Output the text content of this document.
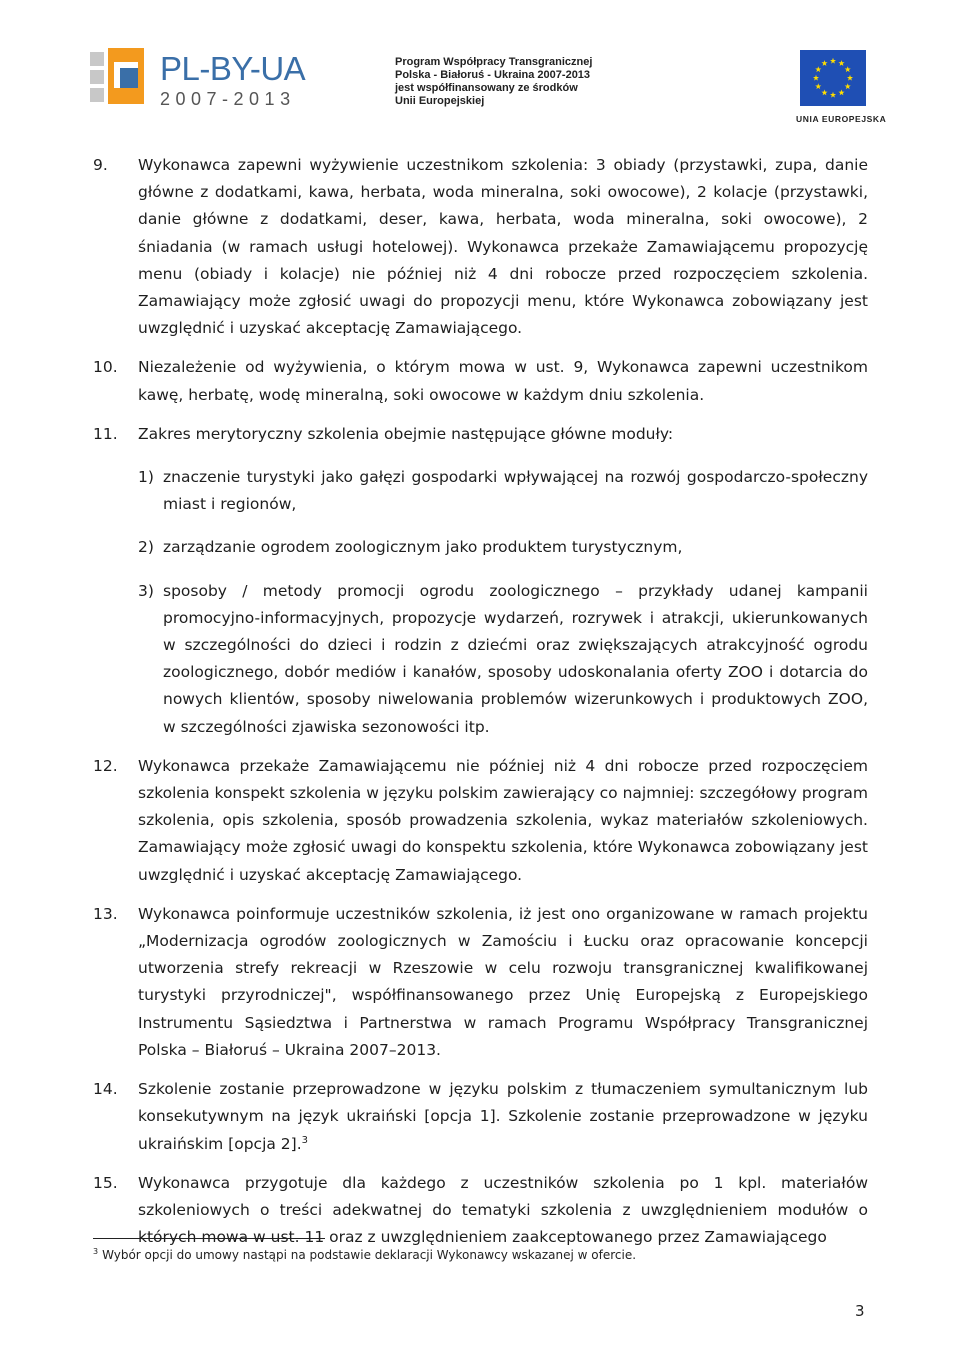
PL-BY-UA
2007-2013
Program Współpracy Transgranicznej
Polska - Białoruś - Ukraina 2007-2013
jest współfinansowany ze środków
Unii Europejskiej
UNIA EUROPEJSKA
9. Wykonawca zapewni wyżywienie uczestnikom szkolenia: 3 obiady (przystawki, zupa, danie główne z dodatkami, kawa, herbata, woda mineralna, soki owocowe), 2 kolacje (przystawki, danie główne z dodatkami, deser, kawa, herbata, woda mineralna, soki owocowe), 2 śniadania (w ramach usługi hotelowej). Wykonawca przekaże Zamawiającemu propozycję menu (obiady i kolacje) nie później niż 4 dni robocze przed rozpoczęciem szkolenia. Zamawiający może zgłosić uwagi do propozycji menu, które Wykonawca zobowiązany jest uwzględnić i uzyskać akceptację Zamawiającego.
10. Niezależenie od wyżywienia, o którym mowa w ust. 9, Wykonawca zapewni uczestnikom kawę, herbatę, wodę mineralną, soki owocowe w każdym dniu szkolenia.
11. Zakres merytoryczny szkolenia obejmie następujące główne moduły:
1) znaczenie turystyki jako gałęzi gospodarki wpływającej na rozwój gospodarczo-społeczny miast i regionów,
2) zarządzanie ogrodem zoologicznym jako produktem turystycznym,
3) sposoby / metody promocji ogrodu zoologicznego – przykłady udanej kampanii promocyjno-informacyjnych, propozycje wydarzeń, rozrywek i atrakcji, ukierunkowanych w szczególności do dzieci i rodzin z dziećmi oraz zwiększających atrakcyjność ogrodu zoologicznego, dobór mediów i kanałów, sposoby udoskonalania oferty ZOO i dotarcia do nowych klientów, sposoby niwelowania problemów wizerunkowych i produktowych ZOO, w szczególności zjawiska sezonowości itp.
12. Wykonawca przekaże Zamawiającemu nie później niż 4 dni robocze przed rozpoczęciem szkolenia konspekt szkolenia w języku polskim zawierający co najmniej: szczegółowy program szkolenia, opis szkolenia, sposób prowadzenia szkolenia, wykaz materiałów szkoleniowych. Zamawiający może zgłosić uwagi do konspektu szkolenia, które Wykonawca zobowiązany jest uwzględnić i uzyskać akceptację Zamawiającego.
13. Wykonawca poinformuje uczestników szkolenia, iż jest ono organizowane w ramach projektu „Modernizacja ogrodów zoologicznych w Zamościu i Łucku oraz opracowanie koncepcji utworzenia strefy rekreacji w Rzeszowie w celu rozwoju transgranicznej kwalifikowanej turystyki przyrodniczej", współfinansowanego przez Unię Europejską z Europejskiego Instrumentu Sąsiedztwa i Partnerstwa w ramach Programu Współpracy Transgranicznej Polska – Białoruś – Ukraina 2007–2013.
14. Szkolenie zostanie przeprowadzone w języku polskim z tłumaczeniem symultanicznym lub konsekutywnym na język ukraiński [opcja 1]. Szkolenie zostanie przeprowadzone w języku ukraińskim [opcja 2].$^3$
15. Wykonawca przygotuje dla każdego z uczestników szkolenia po 1 kpl. materiałów szkoleniowych o treści adekwatnej do tematyki szkolenia z uwzględnieniem modułów o których mowa w ust. 11 oraz z uwzględnieniem zaakceptowanego przez Zamawiającego
$^3$ Wybór opcji do umowy nastąpi na podstawie deklaracji Wykonawcy wskazanej w ofercie.
3
